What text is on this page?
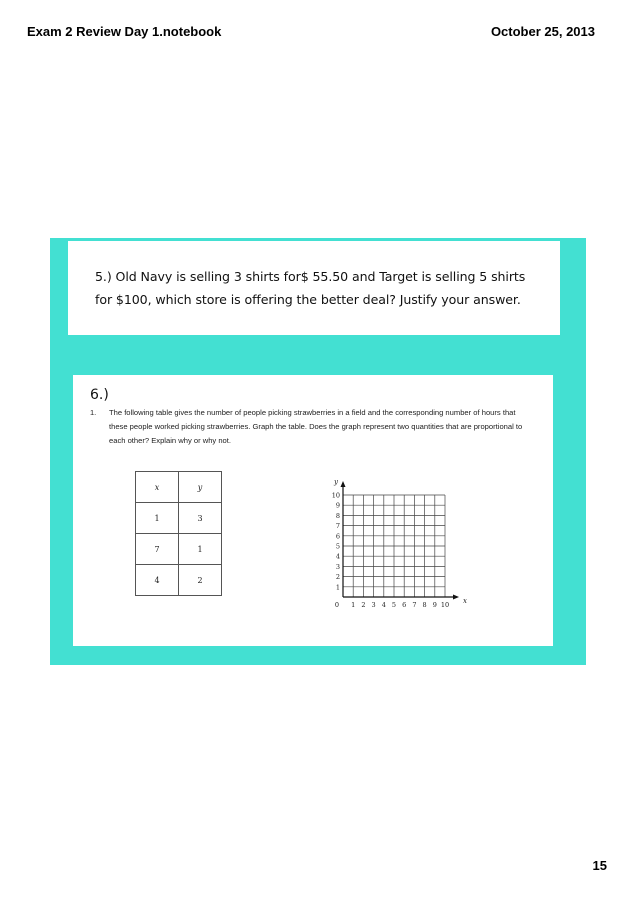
Exam 2 Review Day 1.notebook	October 25, 2013
5.) Old Navy is selling 3 shirts for$ 55.50 and Target is selling 5 shirts for $100, which store is offering the better deal? Justify your answer.
6.)
1. The following table gives the number of people picking strawberries in a field and the corresponding number of hours that these people worked picking strawberries. Graph the table. Does the graph represent two quantities that are proportional to each other? Explain why or why not.
x	y
1	3
7	1
4	2
0 1 2 3 4 5 6 7 8 9 10
1
2
3
4
5
6
7
8
9
10
x
y
15
